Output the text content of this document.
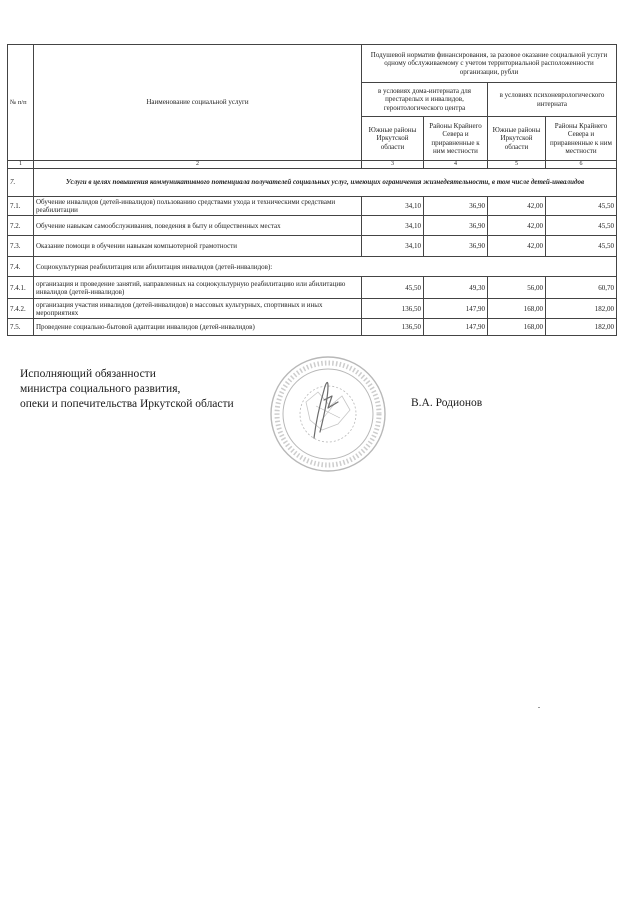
№ п/п	Наименование социальной услуги	Подушевой норматив финансирования, за разовое оказание социальной услуги одному обслуживаемому с учетом территориальной расположенности организации, рубли			
		в условиях дома-интерната для престарелых и инвалидов, геронтологического центра		в условиях психоневрологического интерната	
		Южные районы Иркутской области	Районы Крайнего Севера и приравненные к ним местности	Южные районы Иркутской области	Районы Крайнего Севера и приравненные к ним местности
1	2	3	4	5	6
7.	Услуги в целях повышения коммуникативного потенциала получателей социальных услуг, имеющих ограничения жизнедеятельности, в том числе детей-инвалидов				
7.1.	Обучение инвалидов (детей-инвалидов) пользованию средствами ухода и техническими средствами реабилитации	34,10	36,90	42,00	45,50
7.2.	Обучение навыкам самообслуживания, поведения в быту и общественных местах	34,10	36,90	42,00	45,50
7.3.	Оказание помощи в обучении навыкам компьютерной грамотности	34,10	36,90	42,00	45,50
7.4.	Социокультурная реабилитация или абилитация инвалидов (детей-инвалидов):				
7.4.1.	организация и проведение занятий, направленных на социокультурную реабилитацию или абилитацию инвалидов (детей-инвалидов)	45,50	49,30	56,00	60,70
7.4.2.	организация участия инвалидов (детей-инвалидов) в массовых культурных, спортивных и иных мероприятиях	136,50	147,90	168,00	182,00
7.5.	Проведение социально-бытовой адаптации инвалидов (детей-инвалидов)	136,50	147,90	168,00	182,00
Исполняющий обязанности
министра социального развития,
опеки и попечительства Иркутской области	В.А. Родионов
